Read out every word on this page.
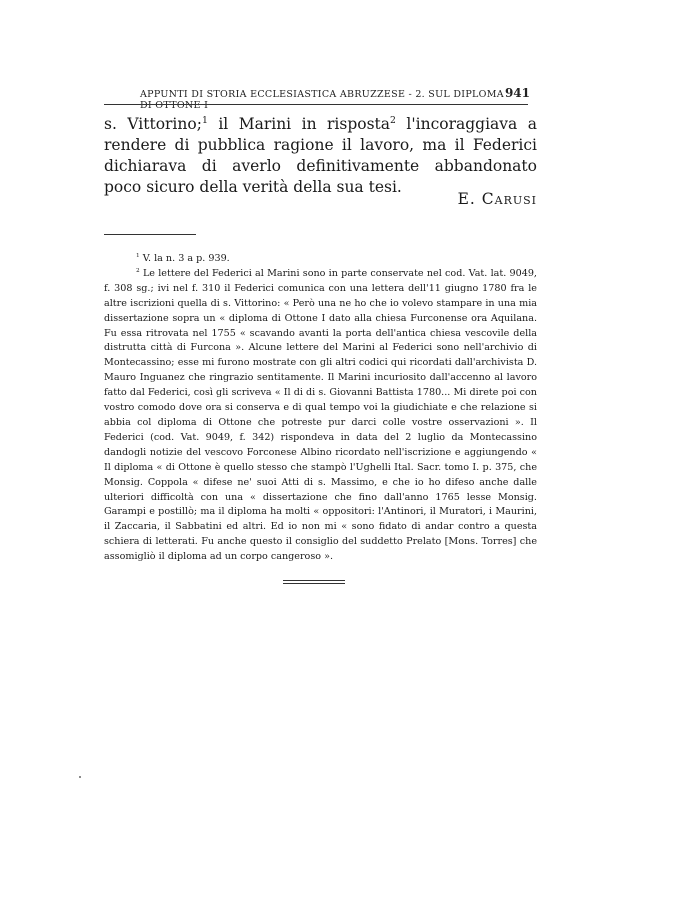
APPUNTI DI STORIA ECCLESIASTICA ABRUZZESE - 2. SUL DIPLOMA DI OTTONE I
941

s. Vittorino;$^1$ il Marini in risposta$^2$ l'incoraggiava a rendere di pubblica ragione il lavoro, ma il Federici dichiarava di averlo definitivamente abbandonato poco sicuro della verità della sua tesi.

E. Carusi

$^1$ V. la n. 3 a p. 939.

$^2$ Le lettere del Federici al Marini sono in parte conservate nel cod. Vat. lat. 9049, f. 308 sg.; ivi nel f. 310 il Federici comunica con una lettera dell'11 giugno 1780 fra le altre iscrizioni quella di s. Vittorino: « Però una ne ho che io volevo stampare in una mia dissertazione sopra un « diploma di Ottone I dato alla chiesa Furconense ora Aquilana. Fu essa ritrovata nel 1755 « scavando avanti la porta dell'antica chiesa vescovile della distrutta città di Furcona ». Alcune lettere del Marini al Federici sono nell'archivio di Montecassino; esse mi furono mostrate con gli altri codici qui ricordati dall'archivista D. Mauro Inguanez che ringrazio sentitamente. Il Marini incuriosito dall'accenno al lavoro fatto dal Federici, così gli scriveva « Il di di s. Giovanni Battista 1780... Mi direte poi con vostro comodo dove ora si conserva e di qual tempo voi la giudichiate e che relazione si abbia col diploma di Ottone che potreste pur darci colle vostre osservazioni ». Il Federici (cod. Vat. 9049, f. 342) rispondeva in data del 2 luglio da Montecassino dandogli notizie del vescovo Forconese Albino ricordato nell'iscrizione e aggiungendo « Il diploma « di Ottone è quello stesso che stampò l'Ughelli Ital. Sacr. tomo I. p. 375, che Monsig. Coppola « difese ne' suoi Atti di s. Massimo, e che io ho difeso anche dalle ulteriori difficoltà con una « dissertazione che fino dall'anno 1765 lesse Monsig. Garampi e postillò; ma il diploma ha molti « oppositori: l'Antinori, il Muratori, i Maurini, il Zaccaria, il Sabbatini ed altri. Ed io non mi « sono fidato di andar contro a questa schiera di letterati. Fu anche questo il consiglio del suddetto Prelato [Mons. Torres] che assomigliò il diploma ad un corpo cangeroso ».
